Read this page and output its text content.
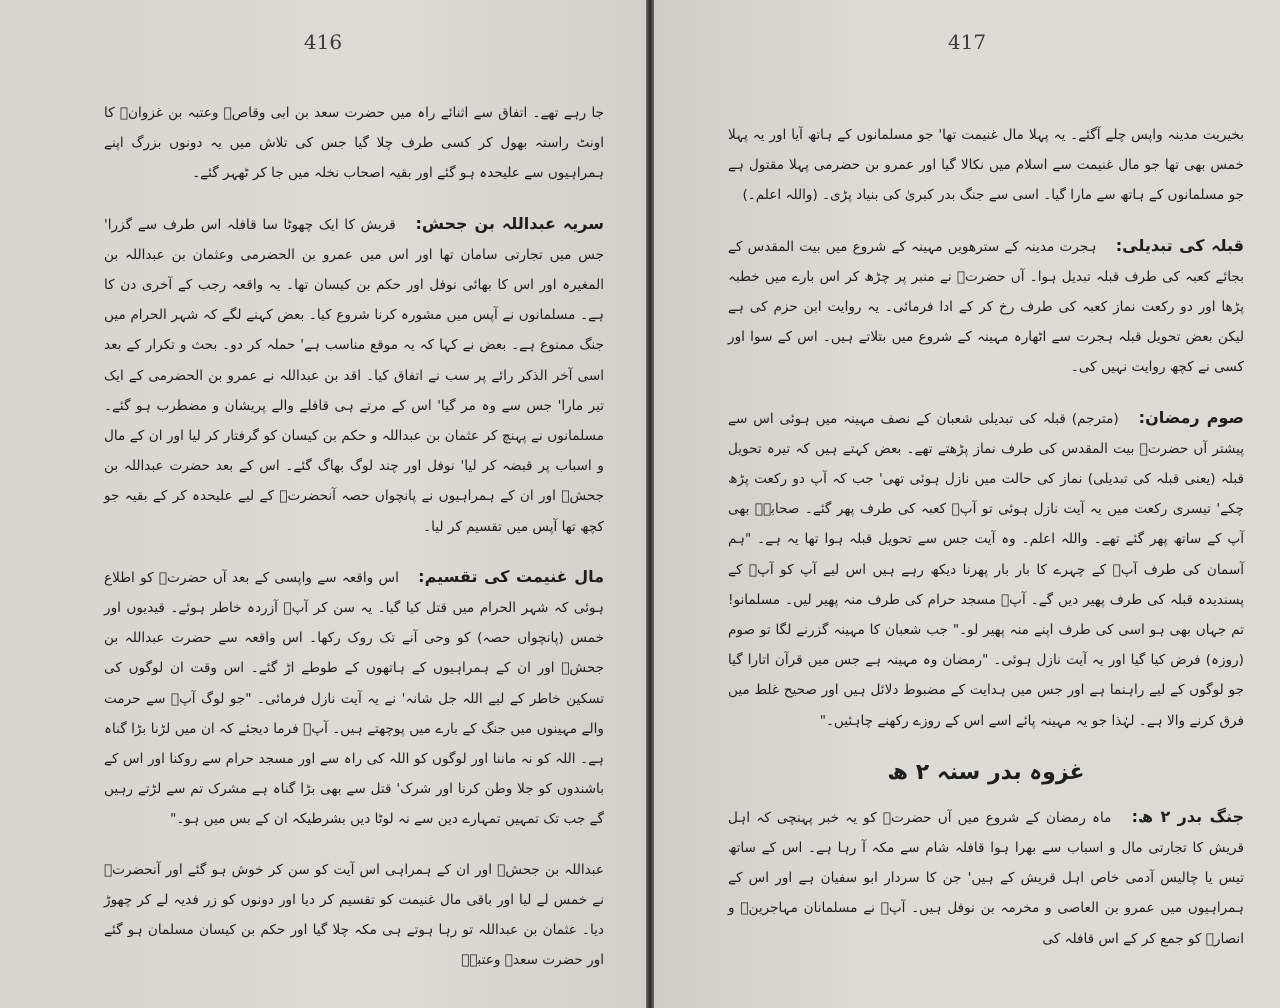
416

جا رہے تھے۔ اتفاق سے اثنائے راہ میں حضرت سعد بن ابی وقاصؓ وعتبہ بن غزوانؓ کا اونٹ راستہ بھول کر کسی طرف چلا گیا جس کی تلاش میں یہ دونوں بزرگ اپنے ہمراہیوں سے علیحدہ ہو گئے اور بقیہ اصحاب نخلہ میں جا کر ٹھہر گئے۔

سریہ عبداللہ بن جحش: قریش کا ایک چھوٹا سا قافلہ اس طرف سے گزرا' جس میں تجارتی سامان تھا اور اس میں عمرو بن الحضرمی وعثمان بن عبداللہ بن المغیرہ اور اس کا بھائی نوفل اور حکم بن کیسان تھا۔ یہ واقعہ رجب کے آخری دن کا ہے۔ مسلمانوں نے آپس میں مشورہ کرنا شروع کیا۔ بعض کہنے لگے کہ شہر الحرام میں جنگ ممنوع ہے۔ بعض نے کہا کہ یہ موقع مناسب ہے' حملہ کر دو۔ بحث و تکرار کے بعد اسی آخر الذکر رائے پر سب نے اتفاق کیا۔ اقد بن عبداللہ نے عمرو بن الحضرمی کے ایک تیر مارا' جس سے وہ مر گیا' اس کے مرتے ہی قافلے والے پریشان و مضطرب ہو گئے۔ مسلمانوں نے پہنچ کر عثمان بن عبداللہ و حکم بن کیسان کو گرفتار کر لیا اور ان کے مال و اسباب پر قبضہ کر لیا' نوفل اور چند لوگ بھاگ گئے۔ اس کے بعد حضرت عبداللہ بن جحشؓ اور ان کے ہمراہیوں نے پانچواں حصہ آنحضرتؐ کے لیے علیحدہ کر کے بقیہ جو کچھ تھا آپس میں تقسیم کر لیا۔

مال غنیمت کی تقسیم: اس واقعہ سے واپسی کے بعد آں حضرتؐ کو اطلاع ہوئی کہ شہر الحرام میں قتل کیا گیا۔ یہ سن کر آپؐ آزردہ خاطر ہوئے۔ قیدیوں اور خمس (پانچواں حصہ) کو وحی آنے تک روک رکھا۔ اس واقعہ سے حضرت عبداللہ بن جحشؓ اور ان کے ہمراہیوں کے ہاتھوں کے طوطے اڑ گئے۔ اس وقت ان لوگوں کی تسکین خاطر کے لیے اللہ جل شانہ' نے یہ آیت نازل فرمائی۔ "جو لوگ آپؐ سے حرمت والے مہینوں میں جنگ کے بارے میں پوچھتے ہیں۔ آپؐ فرما دیجئے کہ ان میں لڑنا بڑا گناہ ہے۔ اللہ کو نہ ماننا اور لوگوں کو اللہ کی راہ سے اور مسجد حرام سے روکنا اور اس کے باشندوں کو جلا وطن کرنا اور شرک' قتل سے بھی بڑا گناہ ہے مشرک تم سے لڑتے رہیں گے جب تک تمہیں تمہارے دین سے نہ لوٹا دیں بشرطیکہ ان کے بس میں ہو۔"

عبداللہ بن جحشؓ اور ان کے ہمراہی اس آیت کو سن کر خوش ہو گئے اور آنحضرتؐ نے خمس لے لیا اور باقی مال غنیمت کو تقسیم کر دیا اور دونوں کو زر فدیہ لے کر چھوڑ دیا۔ عثمان بن عبداللہ تو رہا ہوتے ہی مکہ چلا گیا اور حکم بن کیسان مسلمان ہو گئے اور حضرت سعدؓ وعتبہؓ

417

بخیریت مدینہ واپس چلے آگئے۔ یہ پہلا مال غنیمت تھا' جو مسلمانوں کے ہاتھ آیا اور یہ پہلا خمس بھی تھا جو مال غنیمت سے اسلام میں نکالا گیا اور عمرو بن حضرمی پہلا مقتول ہے جو مسلمانوں کے ہاتھ سے مارا گیا۔ اسی سے جنگ بدر کبریٰ کی بنیاد پڑی۔ (واللہ اعلم۔)

قبلہ کی تبدیلی: ہجرت مدینہ کے سترھویں مہینہ کے شروع میں بیت المقدس کے بجائے کعبہ کی طرف قبلہ تبدیل ہوا۔ آں حضرتؐ نے منبر پر چڑھ کر اس بارے میں خطبہ پڑھا اور دو رکعت نماز کعبہ کی طرف رخ کر کے ادا فرمائی۔ یہ روایت ابن حزم کی ہے لیکن بعض تحویل قبلہ ہجرت سے اٹھارہ مہینہ کے شروع میں بتلاتے ہیں۔ اس کے سوا اور کسی نے کچھ روایت نہیں کی۔

صوم رمضان: (مترجم) قبلہ کی تبدیلی شعبان کے نصف مہینہ میں ہوئی اس سے پیشتر آں حضرتؐ بیت المقدس کی طرف نماز پڑھتے تھے۔ بعض کہتے ہیں کہ تیرہ تحویل قبلہ (یعنی قبلہ کی تبدیلی) نماز کی حالت میں نازل ہوئی تھی' جب کہ آپ دو رکعت پڑھ چکے' تیسری رکعت میں یہ آیت نازل ہوئی تو آپؐ کعبہ کی طرف پھر گئے۔ صحابہؓ بھی آپ کے ساتھ پھر گئے تھے۔ واللہ اعلم۔ وہ آیت جس سے تحویل قبلہ ہوا تھا یہ ہے۔ "ہم آسمان کی طرف آپؐ کے چہرے کا بار بار پھرنا دیکھ رہے ہیں اس لیے آپ کو آپؐ کے پسندیدہ قبلہ کی طرف پھیر دیں گے۔ آپؐ مسجد حرام کی طرف منہ پھیر لیں۔ مسلمانو! تم جہاں بھی ہو اسی کی طرف اپنے منہ پھیر لو۔" جب شعبان کا مہینہ گزرنے لگا تو صوم (روزہ) فرض کیا گیا اور یہ آیت نازل ہوئی۔ "رمضان وہ مہینہ ہے جس میں قرآن اتارا گیا جو لوگوں کے لیے راہنما ہے اور جس میں ہدایت کے مضبوط دلائل ہیں اور صحیح غلط میں فرق کرنے والا ہے۔ لہٰذا جو یہ مہینہ پائے اسے اس کے روزے رکھنے چاہئیں۔"

غزوہ بدر سنہ ۲ ھ

جنگ بدر ۲ ھ: ماہ رمضان کے شروع میں آں حضرتؐ کو یہ خبر پہنچی کہ اہل قریش کا تجارتی مال و اسباب سے بھرا ہوا قافلہ شام سے مکہ آ رہا ہے۔ اس کے ساتھ تیس یا چالیس آدمی خاص اہل قریش کے ہیں' جن کا سردار ابو سفیان ہے اور اس کے ہمراہیوں میں عمرو بن العاصی و مخرمہ بن نوفل ہیں۔ آپؐ نے مسلمانان مہاجرینؓ و انصارؓ کو جمع کر کے اس قافلہ کی
